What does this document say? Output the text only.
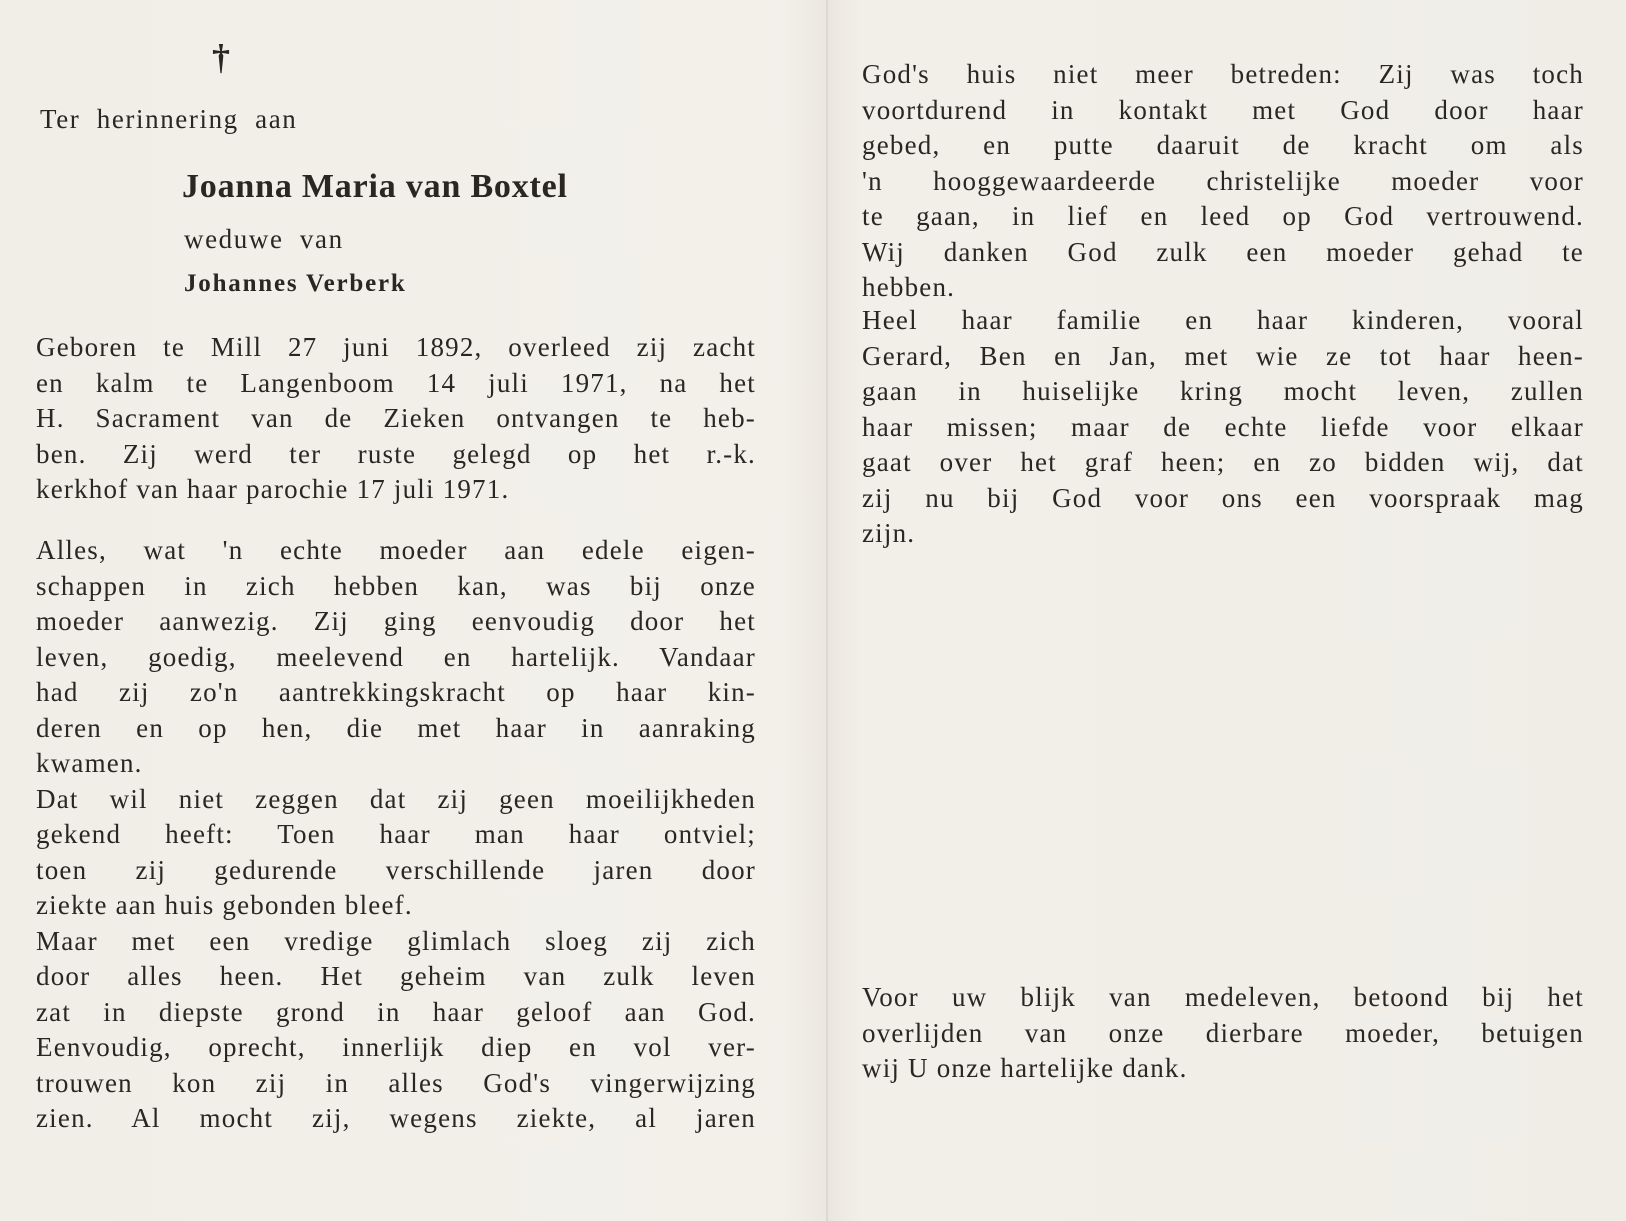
†
Ter herinnering aan
Joanna Maria van Boxtel
weduwe van
Johannes Verberk
Geboren te Mill 27 juni 1892, overleed zij zacht
en kalm te Langenboom 14 juli 1971, na het
H. Sacrament van de Zieken ontvangen te heb-
ben. Zij werd ter ruste gelegd op het r.-k.
kerkhof van haar parochie 17 juli 1971.
Alles, wat 'n echte moeder aan edele eigen-
schappen in zich hebben kan, was bij onze
moeder aanwezig. Zij ging eenvoudig door het
leven, goedig, meelevend en hartelijk. Vandaar
had zij zo'n aantrekkingskracht op haar kin-
deren en op hen, die met haar in aanraking
kwamen.
Dat wil niet zeggen dat zij geen moeilijkheden
gekend heeft: Toen haar man haar ontviel;
toen zij gedurende verschillende jaren door
ziekte aan huis gebonden bleef.
Maar met een vredige glimlach sloeg zij zich
door alles heen. Het geheim van zulk leven
zat in diepste grond in haar geloof aan God.
Eenvoudig, oprecht, innerlijk diep en vol ver-
trouwen kon zij in alles God's vingerwijzing
zien. Al mocht zij, wegens ziekte, al jaren
God's huis niet meer betreden: Zij was toch
voortdurend in kontakt met God door haar
gebed, en putte daaruit de kracht om als
'n hooggewaardeerde christelijke moeder voor
te gaan, in lief en leed op God vertrouwend.
Wij danken God zulk een moeder gehad te
hebben.
Heel haar familie en haar kinderen, vooral
Gerard, Ben en Jan, met wie ze tot haar heen-
gaan in huiselijke kring mocht leven, zullen
haar missen; maar de echte liefde voor elkaar
gaat over het graf heen; en zo bidden wij, dat
zij nu bij God voor ons een voorspraak mag
zijn.
Voor uw blijk van medeleven, betoond bij het
overlijden van onze dierbare moeder, betuigen
wij U onze hartelijke dank.
